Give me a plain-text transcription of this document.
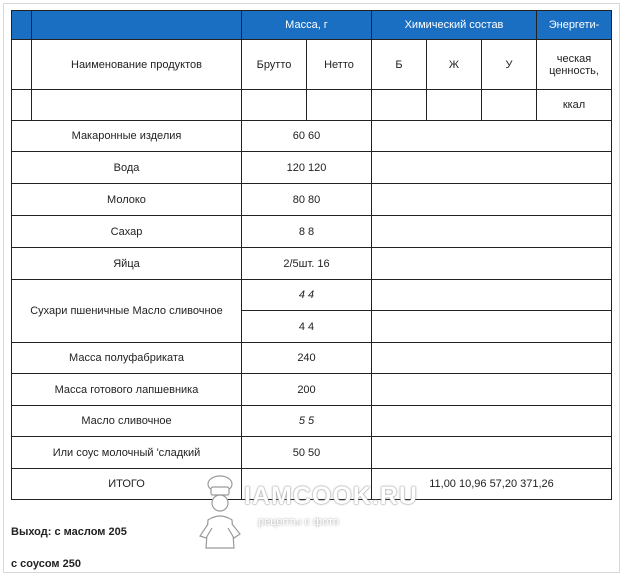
		Масса, г		Химический состав			Энергети-
	Наименование продуктов	Брутто	Нетто	Б	Ж	У	ческая ценность,
							ккал
Макаронные изделия		60 60					
Вода		120 120					
Молоко		80 80					
Сахар		8 8					
Яйца		2/5шт. 16					
Сухари пшеничные Масло сливочное		4 4					
		4 4					
Масса полуфабриката		240					
Масса готового лапшевника		200					
Масло сливочное		5 5					
Или соус молочный 'сладкий		50 50					
ИТОГО				11,00 10,96 57,20 371,26			
IAMCOOK.RU
рецепты с фото
Выход: с маслом 205
с соусом 250
